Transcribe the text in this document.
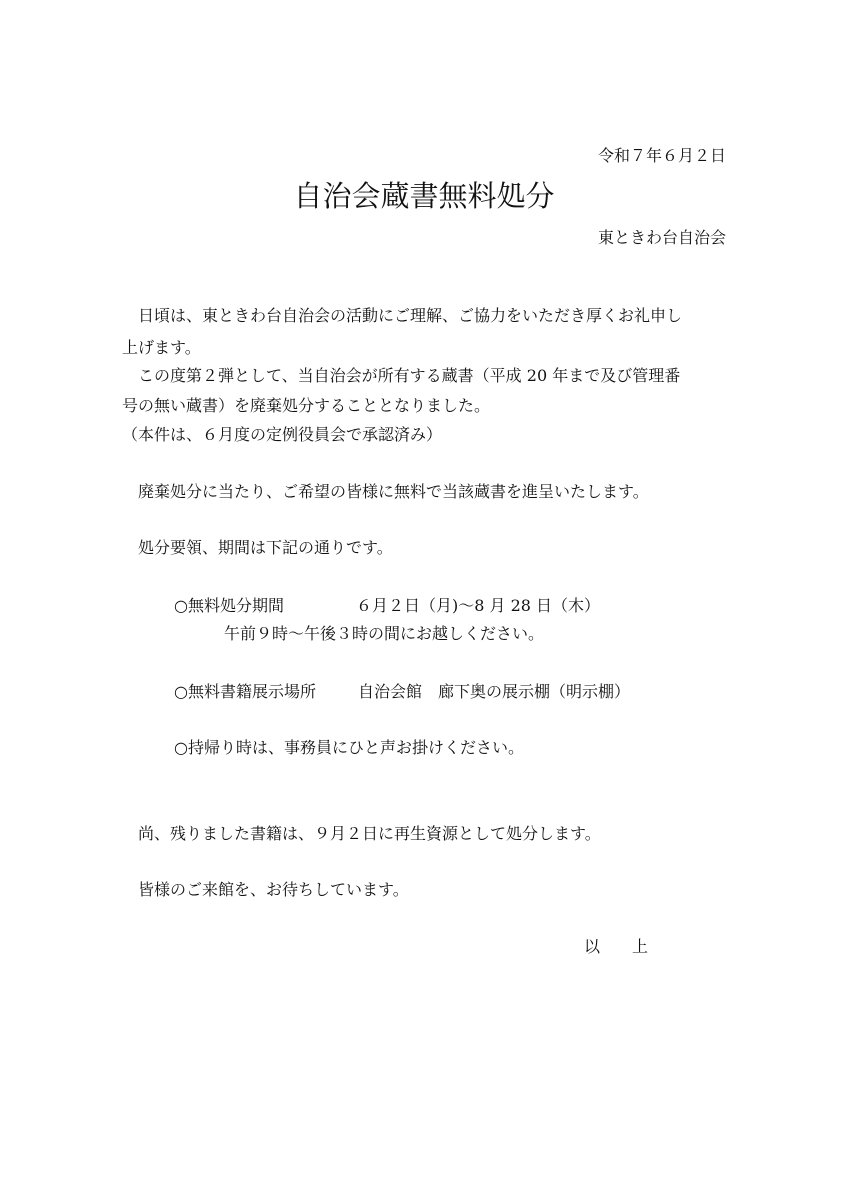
令和７年６月２日
自治会蔵書無料処分
東ときわ台自治会
日頃は、東ときわ台自治会の活動にご理解、ご協力をいただき厚くお礼申し
上げます。
この度第２弾として、当自治会が所有する蔵書（平成 20 年まで及び管理番
号の無い蔵書）を廃棄処分することとなりました。
（本件は、６月度の定例役員会で承認済み）
廃棄処分に当たり、ご希望の皆様に無料で当該蔵書を進呈いたします。
処分要領、期間は下記の通りです。
○無料処分期間	６月２日（月)～8 月 28 日（木）
午前９時～午後３時の間にお越しください。
○無料書籍展示場所	自治会館　廊下奥の展示棚（明示棚）
○持帰り時は、事務員にひと声お掛けください。
尚、残りました書籍は、９月２日に再生資源として処分します。
皆様のご来館を、お待ちしています。
以　　上
